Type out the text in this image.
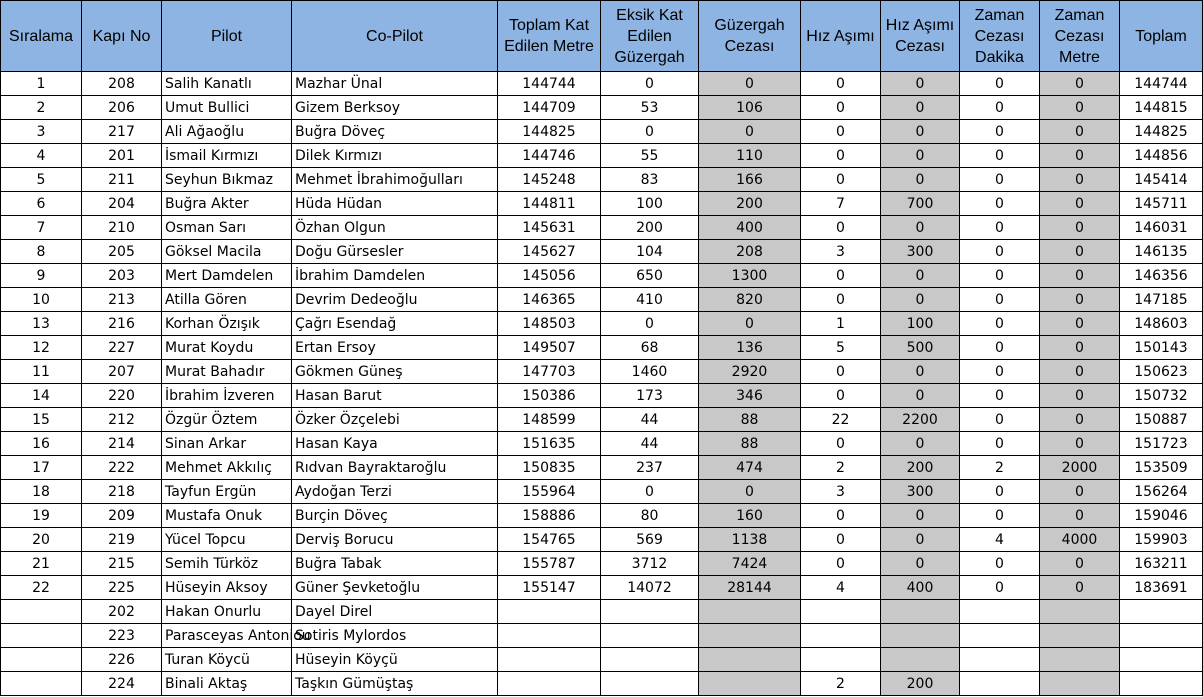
Sıralama	Kapı No	Pilot	Co-Pilot	Toplam Kat Edilen Metre	Eksik Kat Edilen Güzergah	Güzergah Cezası	Hız Aşımı	Hız Aşımı Cezası	Zaman Cezası Dakika	Zaman Cezası Metre	Toplam
1	208	Salih Kanatlı	Mazhar Ünal	144744	0	0	0	0	0	0	144744
2	206	Umut Bullici	Gizem Berksoy	144709	53	106	0	0	0	0	144815
3	217	Ali Ağaoğlu	Buğra Döveç	144825	0	0	0	0	0	0	144825
4	201	İsmail Kırmızı	Dilek Kırmızı	144746	55	110	0	0	0	0	144856
5	211	Seyhun Bıkmaz	Mehmet İbrahimoğulları	145248	83	166	0	0	0	0	145414
6	204	Buğra Akter	Hüda Hüdan	144811	100	200	7	700	0	0	145711
7	210	Osman Sarı	Özhan Olgun	145631	200	400	0	0	0	0	146031
8	205	Göksel Macila	Doğu Gürsesler	145627	104	208	3	300	0	0	146135
9	203	Mert Damdelen	İbrahim Damdelen	145056	650	1300	0	0	0	0	146356
10	213	Atilla Gören	Devrim Dedeoğlu	146365	410	820	0	0	0	0	147185
13	216	Korhan Özışık	Çağrı Esendağ	148503	0	0	1	100	0	0	148603
12	227	Murat Koydu	Ertan Ersoy	149507	68	136	5	500	0	0	150143
11	207	Murat Bahadır	Gökmen Güneş	147703	1460	2920	0	0	0	0	150623
14	220	İbrahim İzveren	Hasan Barut	150386	173	346	0	0	0	0	150732
15	212	Özgür Öztem	Özker Özçelebi	148599	44	88	22	2200	0	0	150887
16	214	Sinan Arkar	Hasan Kaya	151635	44	88	0	0	0	0	151723
17	222	Mehmet Akkılıç	Rıdvan Bayraktaroğlu	150835	237	474	2	200	2	2000	153509
18	218	Tayfun Ergün	Aydoğan Terzi	155964	0	0	3	300	0	0	156264
19	209	Mustafa Onuk	Burçin Döveç	158886	80	160	0	0	0	0	159046
20	219	Yücel Topcu	Derviş Borucu	154765	569	1138	0	0	4	4000	159903
21	215	Semih Türköz	Buğra Tabak	155787	3712	7424	0	0	0	0	163211
22	225	Hüseyin Aksoy	Güner Şevketoğlu	155147	14072	28144	4	400	0	0	183691
	202	Hakan Onurlu	Dayel Direl								
	223	Parasceyas Antoniou	Sotiris Mylordos								
	226	Turan Köycü	Hüseyin Köyçü								
	224	Binali Aktaş	Taşkın Gümüştaş				2	200			
